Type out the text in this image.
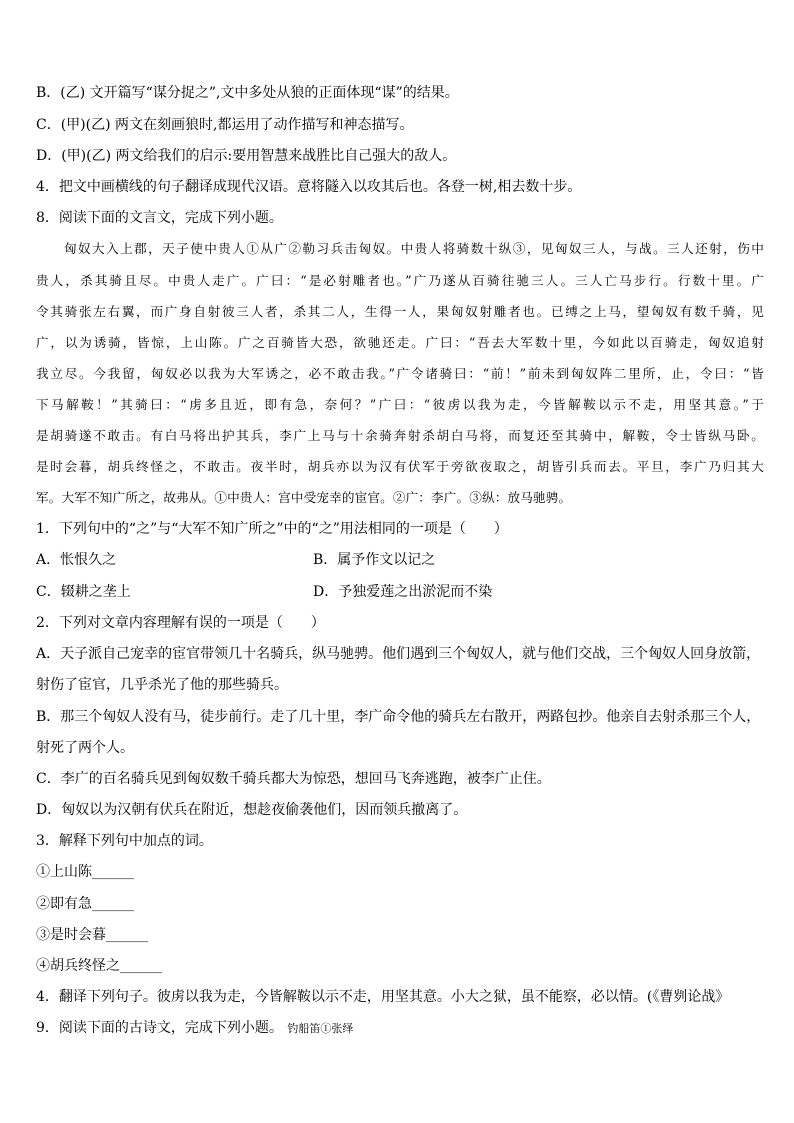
B．(乙) 文开篇写“谋分捉之”,文中多处从狼的正面体现“谋”的结果。
C．(甲)(乙) 两文在刻画狼时,都运用了动作描写和神态描写。
D．(甲)(乙) 两文给我们的启示:要用智慧来战胜比自己强大的敌人。
4．把文中画横线的句子翻译成现代汉语。意将隧入以攻其后也。各登一树,相去数十步。
8．阅读下面的文言文，完成下列小题。
匈奴大入上郡，天子使中贵人①从广②勒习兵击匈奴。中贵人将骑数十纵③，见匈奴三人，与战。三人还射，伤中
贵人，杀其骑且尽。中贵人走广。广曰：“是必射雕者也。”广乃遂从百骑往驰三人。三人亡马步行。行数十里。广
令其骑张左右翼，而广身自射彼三人者，杀其二人，生得一人，果匈奴射雕者也。已缚之上马，望匈奴有数千骑，见
广，以为诱骑，皆惊，上山陈。广之百骑皆大恐，欲驰还走。广曰：“吾去大军数十里，今如此以百骑走，匈奴追射
我立尽。今我留，匈奴必以我为大军诱之，必不敢击我。”广令诸骑曰：“前！”前未到匈奴阵二里所，止，令曰：“皆
下马解鞍！”其骑曰：“虏多且近，即有急，奈何？”广曰：“彼虏以我为走，今皆解鞍以示不走，用坚其意。”于
是胡骑遂不敢击。有白马将出护其兵，李广上马与十余骑奔射杀胡白马将，而复还至其骑中，解鞍，令士皆纵马卧。
是时会暮，胡兵终怪之，不敢击。夜半时，胡兵亦以为汉有伏军于旁欲夜取之，胡皆引兵而去。平旦，李广乃归其大
军。大军不知广所之，故弗从。①中贵人：宫中受宠幸的宦官。②广：李广。③纵：放马驰骋。
1．下列句中的“之”与“大军不知广所之”中的“之”用法相同的一项是（　　）
A．怅恨久之	B．属予作文以记之
C．辍耕之垄上	D．予独爱莲之出淤泥而不染
2．下列对文章内容理解有误的一项是（　　）
A．天子派自己宠幸的宦官带领几十名骑兵，纵马驰骋。他们遇到三个匈奴人，就与他们交战，三个匈奴人回身放箭，
射伤了宦官，几乎杀光了他的那些骑兵。
B．那三个匈奴人没有马，徒步前行。走了几十里，李广命令他的骑兵左右散开，两路包抄。他亲自去射杀那三个人，
射死了两个人。
C．李广的百名骑兵见到匈奴数千骑兵都大为惊恐，想回马飞奔逃跑，被李广止住。
D．匈奴以为汉朝有伏兵在附近，想趁夜偷袭他们，因而领兵撤离了。
3．解释下列句中加点的词。
①上山陈______
②即有急______
③是时会暮______
④胡兵终怪之______
4．翻译下列句子。彼虏以我为走，今皆解鞍以示不走，用坚其意。小大之狱，虽不能察，必以情。(《曹刿论战》
9．阅读下面的古诗文，完成下列小题。 钓船笛①张绎
